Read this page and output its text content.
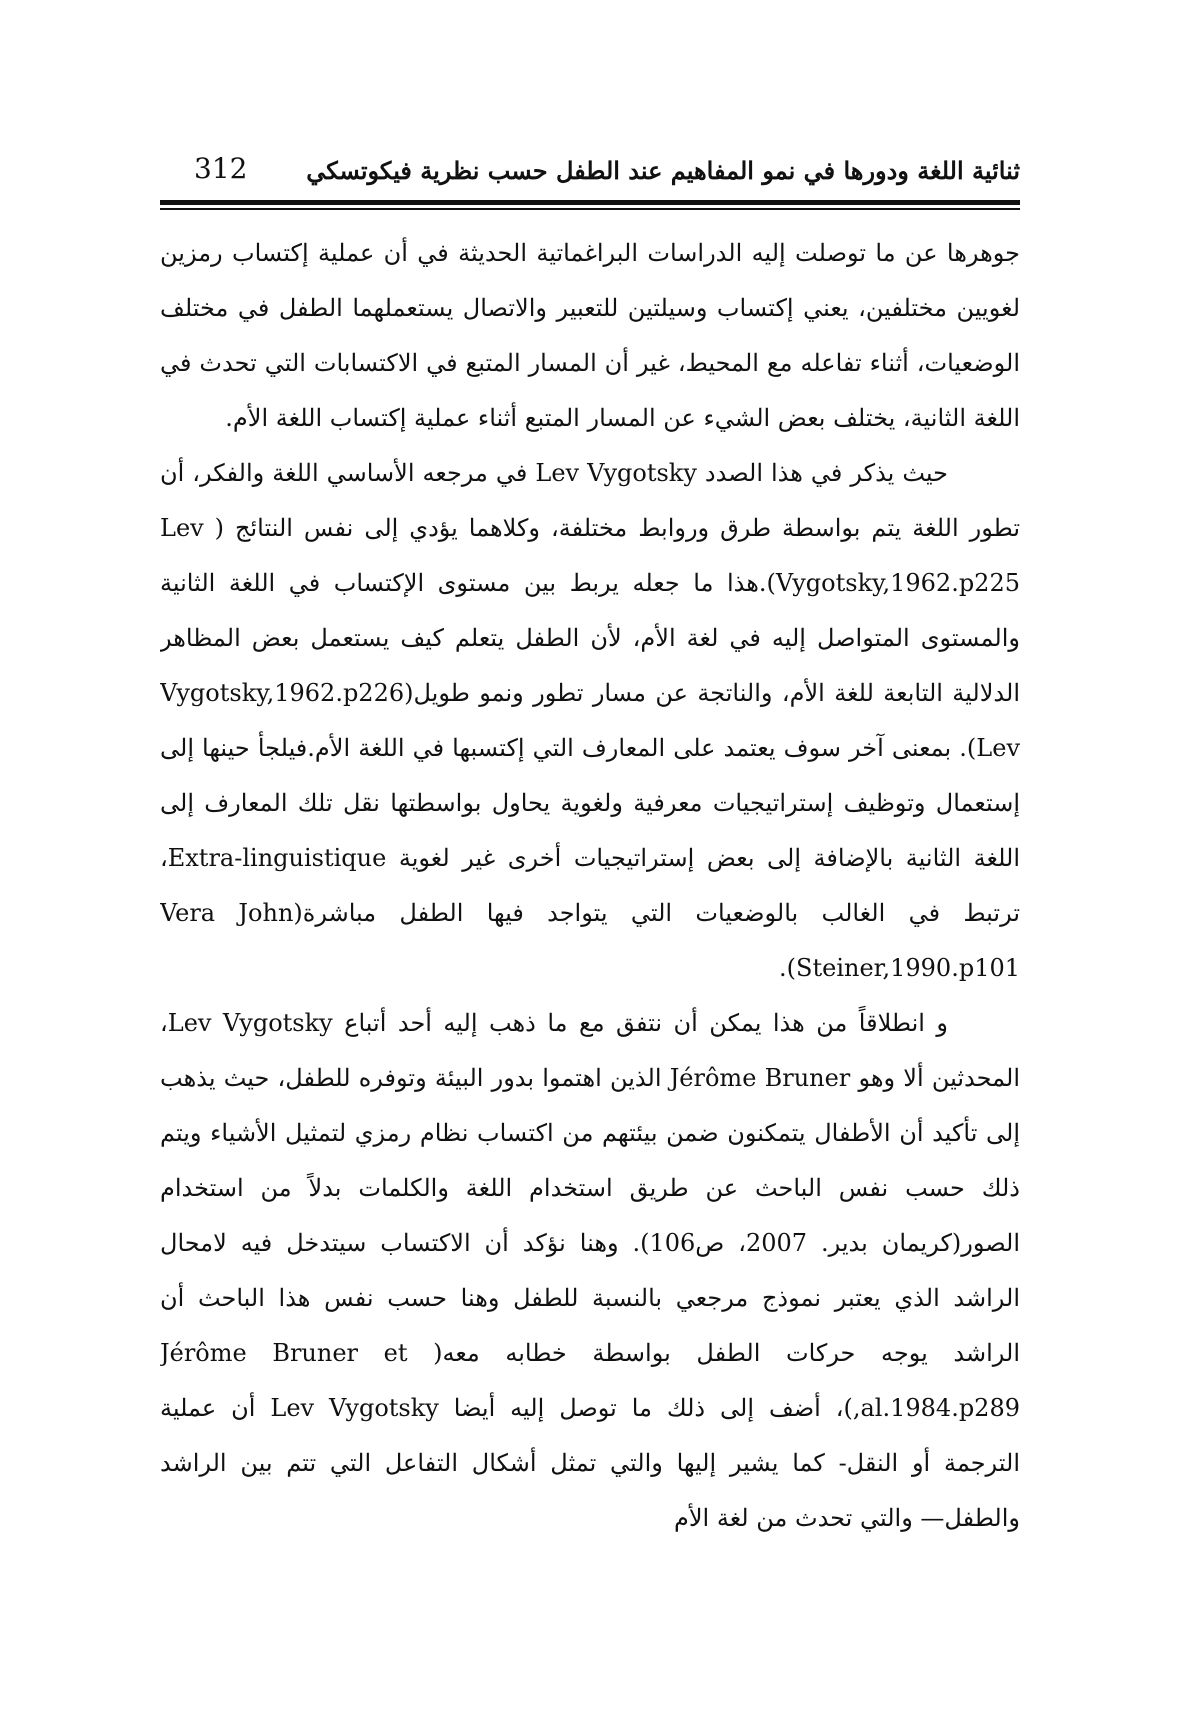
ثنائية اللغة ودورها في نمو المفاهيم عند الطفل حسب نظرية فيكوتسكي
312

جوهرها عن ما توصلت إليه الدراسات البراغماتية الحديثة في أن عملية إكتساب رمزين لغويين مختلفين، يعني إكتساب وسيلتين للتعبير والاتصال يستعملهما الطفل في مختلف الوضعيات، أثناء تفاعله مع المحيط، غير أن المسار المتبع في الاكتسابات التي تحدث في اللغة الثانية، يختلف بعض الشيء عن المسار المتبع أثناء عملية إكتساب اللغة الأم.

حيث يذكر في هذا الصدد Lev Vygotsky في مرجعه الأساسي اللغة والفكر، أن تطور اللغة يتم بواسطة طرق وروابط مختلفة، وكلاهما يؤدي إلى نفس النتائج ( Lev Vygotsky,1962.p225).هذا ما جعله يربط بين مستوى الإكتساب في اللغة الثانية والمستوى المتواصل إليه في لغة الأم، لأن الطفل يتعلم كيف يستعمل بعض المظاهر الدلالية التابعة للغة الأم، والناتجة عن مسار تطور ونمو طويل(Vygotsky,1962.p226 Lev). بمعنى آخر سوف يعتمد على المعارف التي إكتسبها في اللغة الأم.فيلجأ حينها إلى إستعمال وتوظيف إستراتيجيات معرفية ولغوية يحاول بواسطتها نقل تلك المعارف إلى اللغة الثانية بالإضافة إلى بعض إستراتيجيات أخرى غير لغوية Extra-linguistique، ترتبط في الغالب بالوضعيات التي يتواجد فيها الطفل مباشرة(Vera John Steiner,1990.p101).

و انطلاقاً من هذا يمكن أن نتفق مع ما ذهب إليه أحد أتباع Lev Vygotsky، المحدثين ألا وهو Jérôme Bruner الذين اهتموا بدور البيئة وتوفره للطفل، حيث يذهب إلى تأكيد أن الأطفال يتمكنون ضمن بيئتهم من اكتساب نظام رمزي لتمثيل الأشياء ويتم ذلك حسب نفس الباحث عن طريق استخدام اللغة والكلمات بدلاً من استخدام الصور(كريمان بدير. 2007، ص106). وهنا نؤكد أن الاكتساب سيتدخل فيه لامحال الراشد الذي يعتبر نموذج مرجعي بالنسبة للطفل وهنا حسب نفس هذا الباحث أن الراشد يوجه حركات الطفل بواسطة خطابه معه( Jérôme Bruner et al.1984.p289,)، أضف إلى ذلك ما توصل إليه أيضا Lev Vygotsky أن عملية الترجمة أو النقل- كما يشير إليها والتي تمثل أشكال التفاعل التي تتم بين الراشد والطفل— والتي تحدث من لغة الأم
